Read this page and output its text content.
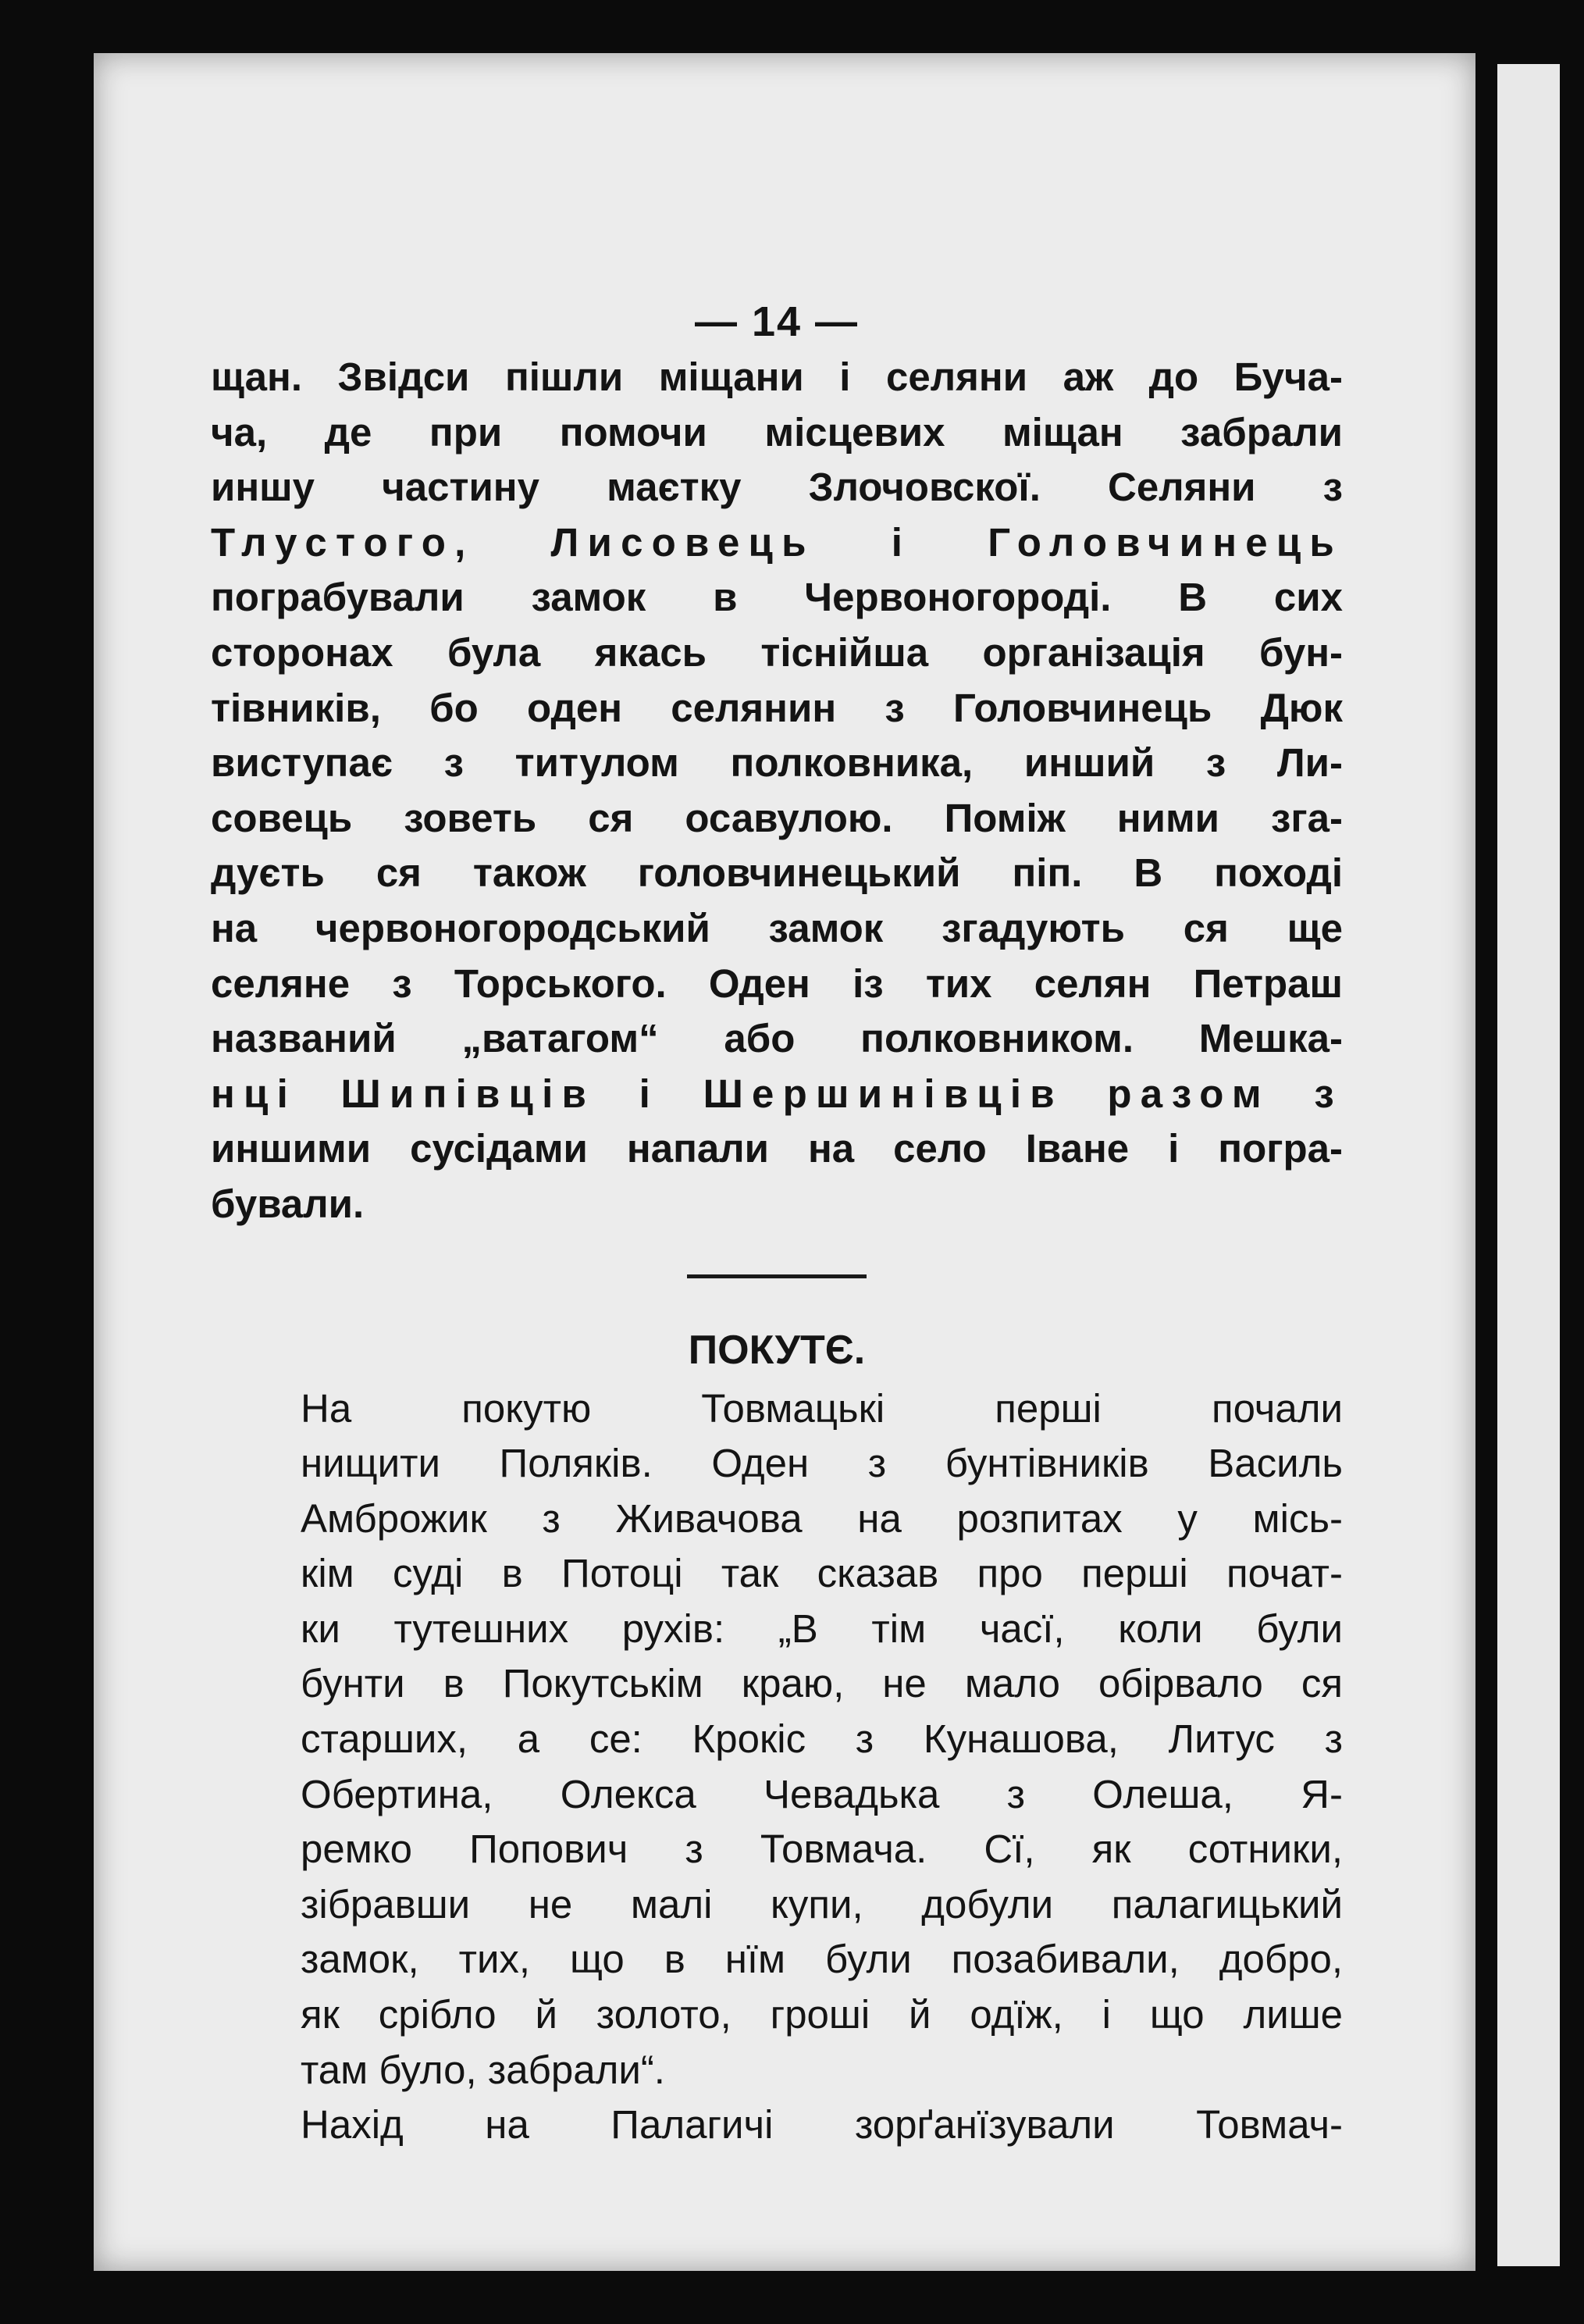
— 14 —
щан. Звідси пішли міщани і селяни аж до Буча-
ча, де при помочи місцевих міщан забрали
иншу частину маєтку Злочовскої. Селяни з
Тлустого, Лисовець і Головчинець
пограбували замок в Червоногороді. В сих
сторонах була якась тіснійша організація бун-
тівників, бо оден селянин з Головчинець Дюк
виступає з титулом полковника, инший з Ли-
совець зоветь ся осавулою. Поміж ними зга-
дуєть ся також головчинецький піп. В поході
на червоногородський замок згадують ся ще
селяне з Торського. Оден із тих селян Петраш
названий „ватагом“ або полковником. Мешка-
нці Шипівців і Шершинівців разом з
иншими сусідами напали на село Іване і погра-
бували.
ПОКУТЄ.
На покутю Товмацькі перші почали
нищити Поляків. Оден з бунтівників Василь
Амброжик з Живачова на розпитах у місь-
кім суді в Потоці так сказав про перші почат-
ки тутешних рухів: „В тім часї, коли були
бунти в Покутськім краю, не мало обірвало ся
старших, а се: Крокіс з Кунашова, Литус з
Обертина, Олекса Чевадька з Олеша, Я-
ремко Попович з Товмача. Сї, як сотники,
зібравши не малі купи, добули палагицький
замок, тих, що в нїм були позабивали, добро,
як срібло й золото, гроші й одїж, і що лише
там було, забрали“.
Нахід на Палагичі зорґанїзували Товмач-
